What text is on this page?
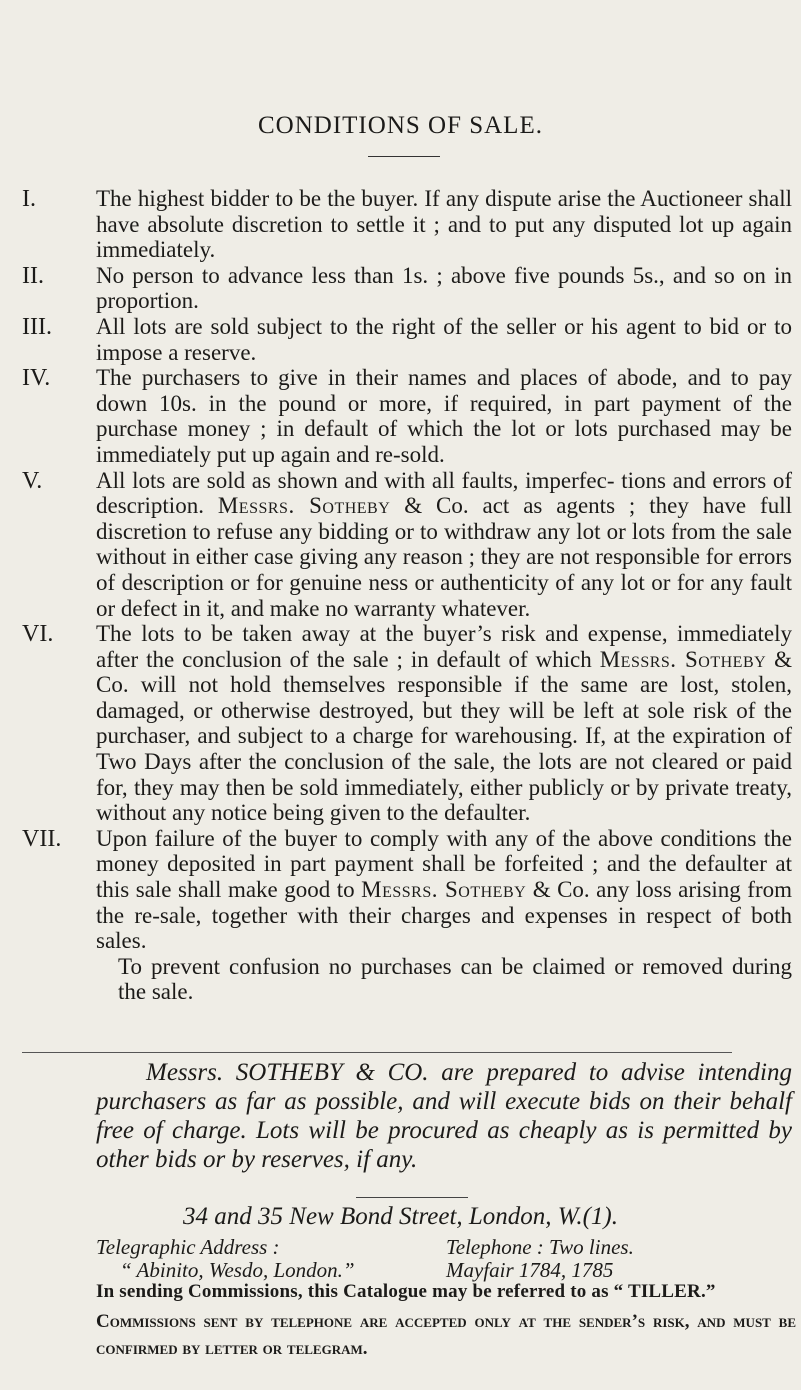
CONDITIONS OF SALE.
I.	The highest bidder to be the buyer. If any dispute arise the Auctioneer shall have absolute discretion to settle it ; and to put any disputed lot up again immediately.
II.	No person to advance less than 1s. ; above five pounds 5s., and so on in proportion.
III.	All lots are sold subject to the right of the seller or his agent to bid or to impose a reserve.
IV.	The purchasers to give in their names and places of abode, and to pay down 10s. in the pound or more, if required, in part payment of the purchase money ; in default of which the lot or lots purchased may be immediately put up again and re-sold.
V.	All lots are sold as shown and with all faults, imperfec- tions and errors of description. Messrs. Sotheby & Co. act as agents ; they have full discretion to refuse any bidding or to withdraw any lot or lots from the sale without in either case giving any reason ; they are not responsible for errors of description or for genuine ness or authenticity of any lot or for any fault or defect in it, and make no warranty whatever.
VI.	The lots to be taken away at the buyer’s risk and expense, immediately after the conclusion of the sale ; in default of which Messrs. Sotheby & Co. will not hold themselves responsible if the same are lost, stolen, damaged, or otherwise destroyed, but they will be left at sole risk of the purchaser, and subject to a charge for warehousing. If, at the expiration of Two Days after the conclusion of the sale, the lots are not cleared or paid for, they may then be sold immediately, either publicly or by private treaty, without any notice being given to the defaulter.
VII.	Upon failure of the buyer to comply with any of the above conditions the money deposited in part payment shall be forfeited ; and the defaulter at this sale shall make good to Messrs. Sotheby & Co. any loss arising from the re-sale, together with their charges and expenses in respect of both sales.
To prevent confusion no purchases can be claimed or removed during the sale.
Messrs. SOTHEBY & CO. are prepared to advise intending purchasers as far as possible, and will execute bids on their behalf free of charge. Lots will be procured as cheaply as is permitted by other bids or by reserves, if any.
34 and 35 New Bond Street, London, W.(1).
Telegraphic Address :	Telephone : Two lines.
“ Abinito, Wesdo, London.”	Mayfair 1784, 1785
In sending Commissions, this Catalogue may be referred to as “ TILLER.”
Commissions sent by telephone are accepted only at the sender’s risk, and must be confirmed by letter or telegram.
